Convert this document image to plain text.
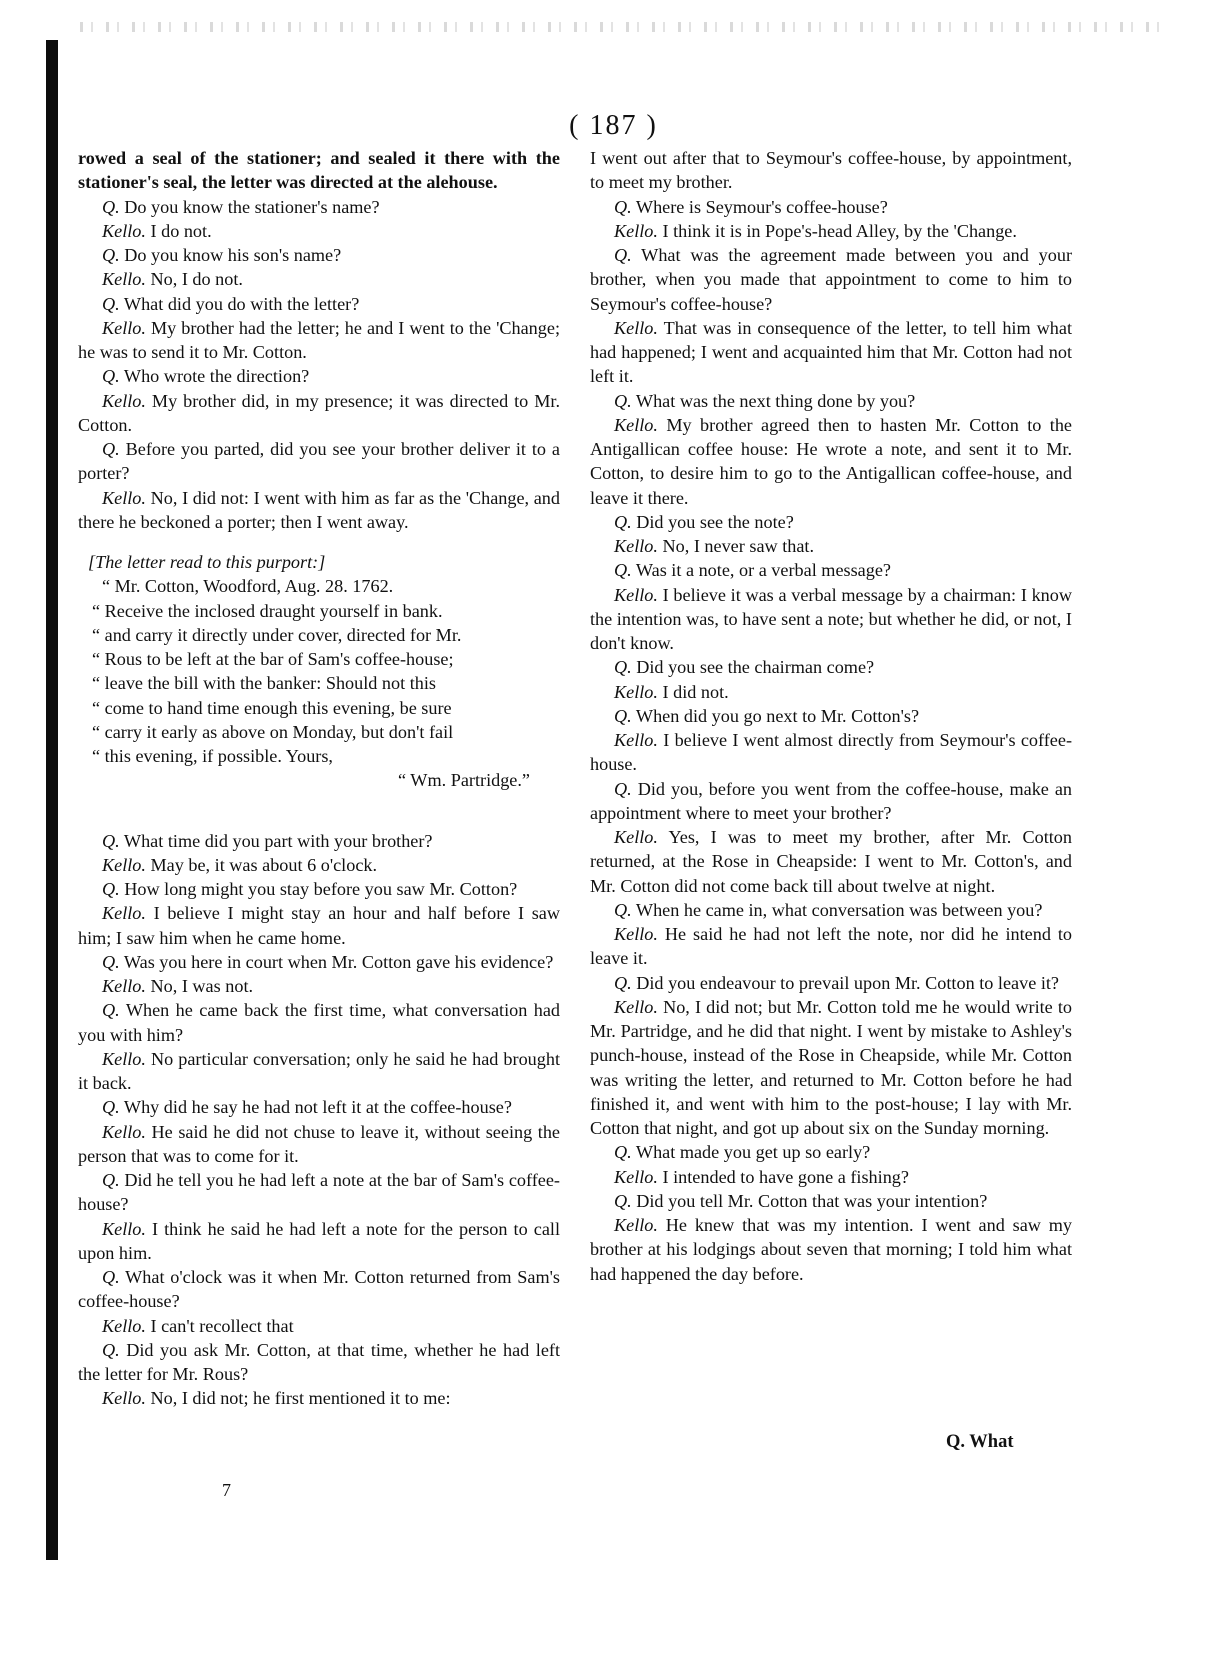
( 187 )

rowed a seal of the stationer; and sealed it there with the stationer's seal, the letter was directed at the alehouse.

Q. Do you know the stationer's name?

Kello. I do not.

Q. Do you know his son's name?

Kello. No, I do not.

Q. What did you do with the letter?

Kello. My brother had the letter; he and I went to the 'Change; he was to send it to Mr. Cotton.

Q. Who wrote the direction?

Kello. My brother did, in my presence; it was directed to Mr. Cotton.

Q. Before you parted, did you see your brother deliver it to a porter?

Kello. No, I did not: I went with him as far as the 'Change, and there he beckoned a porter; then I went away.

[The letter read to this purport:]

“ Mr. Cotton, Woodford, Aug. 28. 1762.

“ Receive the inclosed draught yourself in bank.

“ and carry it directly under cover, directed for Mr.

“ Rous to be left at the bar of Sam's coffee-house;

“ leave the bill with the banker: Should not this

“ come to hand time enough this evening, be sure

“ carry it early as above on Monday, but don't fail

“ this evening, if possible. Yours,

“ Wm. Partridge.”

Q. What time did you part with your brother?

Kello. May be, it was about 6 o'clock.

Q. How long might you stay before you saw Mr. Cotton?

Kello. I believe I might stay an hour and half before I saw him; I saw him when he came home.

Q. Was you here in court when Mr. Cotton gave his evidence?

Kello. No, I was not.

Q. When he came back the first time, what conversation had you with him?

Kello. No particular conversation; only he said he had brought it back.

Q. Why did he say he had not left it at the coffee-house?

Kello. He said he did not chuse to leave it, without seeing the person that was to come for it.

Q. Did he tell you he had left a note at the bar of Sam's coffee-house?

Kello. I think he said he had left a note for the person to call upon him.

Q. What o'clock was it when Mr. Cotton returned from Sam's coffee-house?

Kello. I can't recollect that

Q. Did you ask Mr. Cotton, at that time, whether he had left the letter for Mr. Rous?

Kello. No, I did not; he first mentioned it to me:

I went out after that to Seymour's coffee-house, by appointment, to meet my brother.

Q. Where is Seymour's coffee-house?

Kello. I think it is in Pope's-head Alley, by the 'Change.

Q. What was the agreement made between you and your brother, when you made that appointment to come to him to Seymour's coffee-house?

Kello. That was in consequence of the letter, to tell him what had happened; I went and acquainted him that Mr. Cotton had not left it.

Q. What was the next thing done by you?

Kello. My brother agreed then to hasten Mr. Cotton to the Antigallican coffee house: He wrote a note, and sent it to Mr. Cotton, to desire him to go to the Antigallican coffee-house, and leave it there.

Q. Did you see the note?

Kello. No, I never saw that.

Q. Was it a note, or a verbal message?

Kello. I believe it was a verbal message by a chairman: I know the intention was, to have sent a note; but whether he did, or not, I don't know.

Q. Did you see the chairman come?

Kello. I did not.

Q. When did you go next to Mr. Cotton's?

Kello. I believe I went almost directly from Seymour's coffee-house.

Q. Did you, before you went from the coffee-house, make an appointment where to meet your brother?

Kello. Yes, I was to meet my brother, after Mr. Cotton returned, at the Rose in Cheapside: I went to Mr. Cotton's, and Mr. Cotton did not come back till about twelve at night.

Q. When he came in, what conversation was between you?

Kello. He said he had not left the note, nor did he intend to leave it.

Q. Did you endeavour to prevail upon Mr. Cotton to leave it?

Kello. No, I did not; but Mr. Cotton told me he would write to Mr. Partridge, and he did that night. I went by mistake to Ashley's punch-house, instead of the Rose in Cheapside, while Mr. Cotton was writing the letter, and returned to Mr. Cotton before he had finished it, and went with him to the post-house; I lay with Mr. Cotton that night, and got up about six on the Sunday morning.

Q. What made you get up so early?

Kello. I intended to have gone a fishing?

Q. Did you tell Mr. Cotton that was your intention?

Kello. He knew that was my intention. I went and saw my brother at his lodgings about seven that morning; I told him what had happened the day before.

7
Q. What
